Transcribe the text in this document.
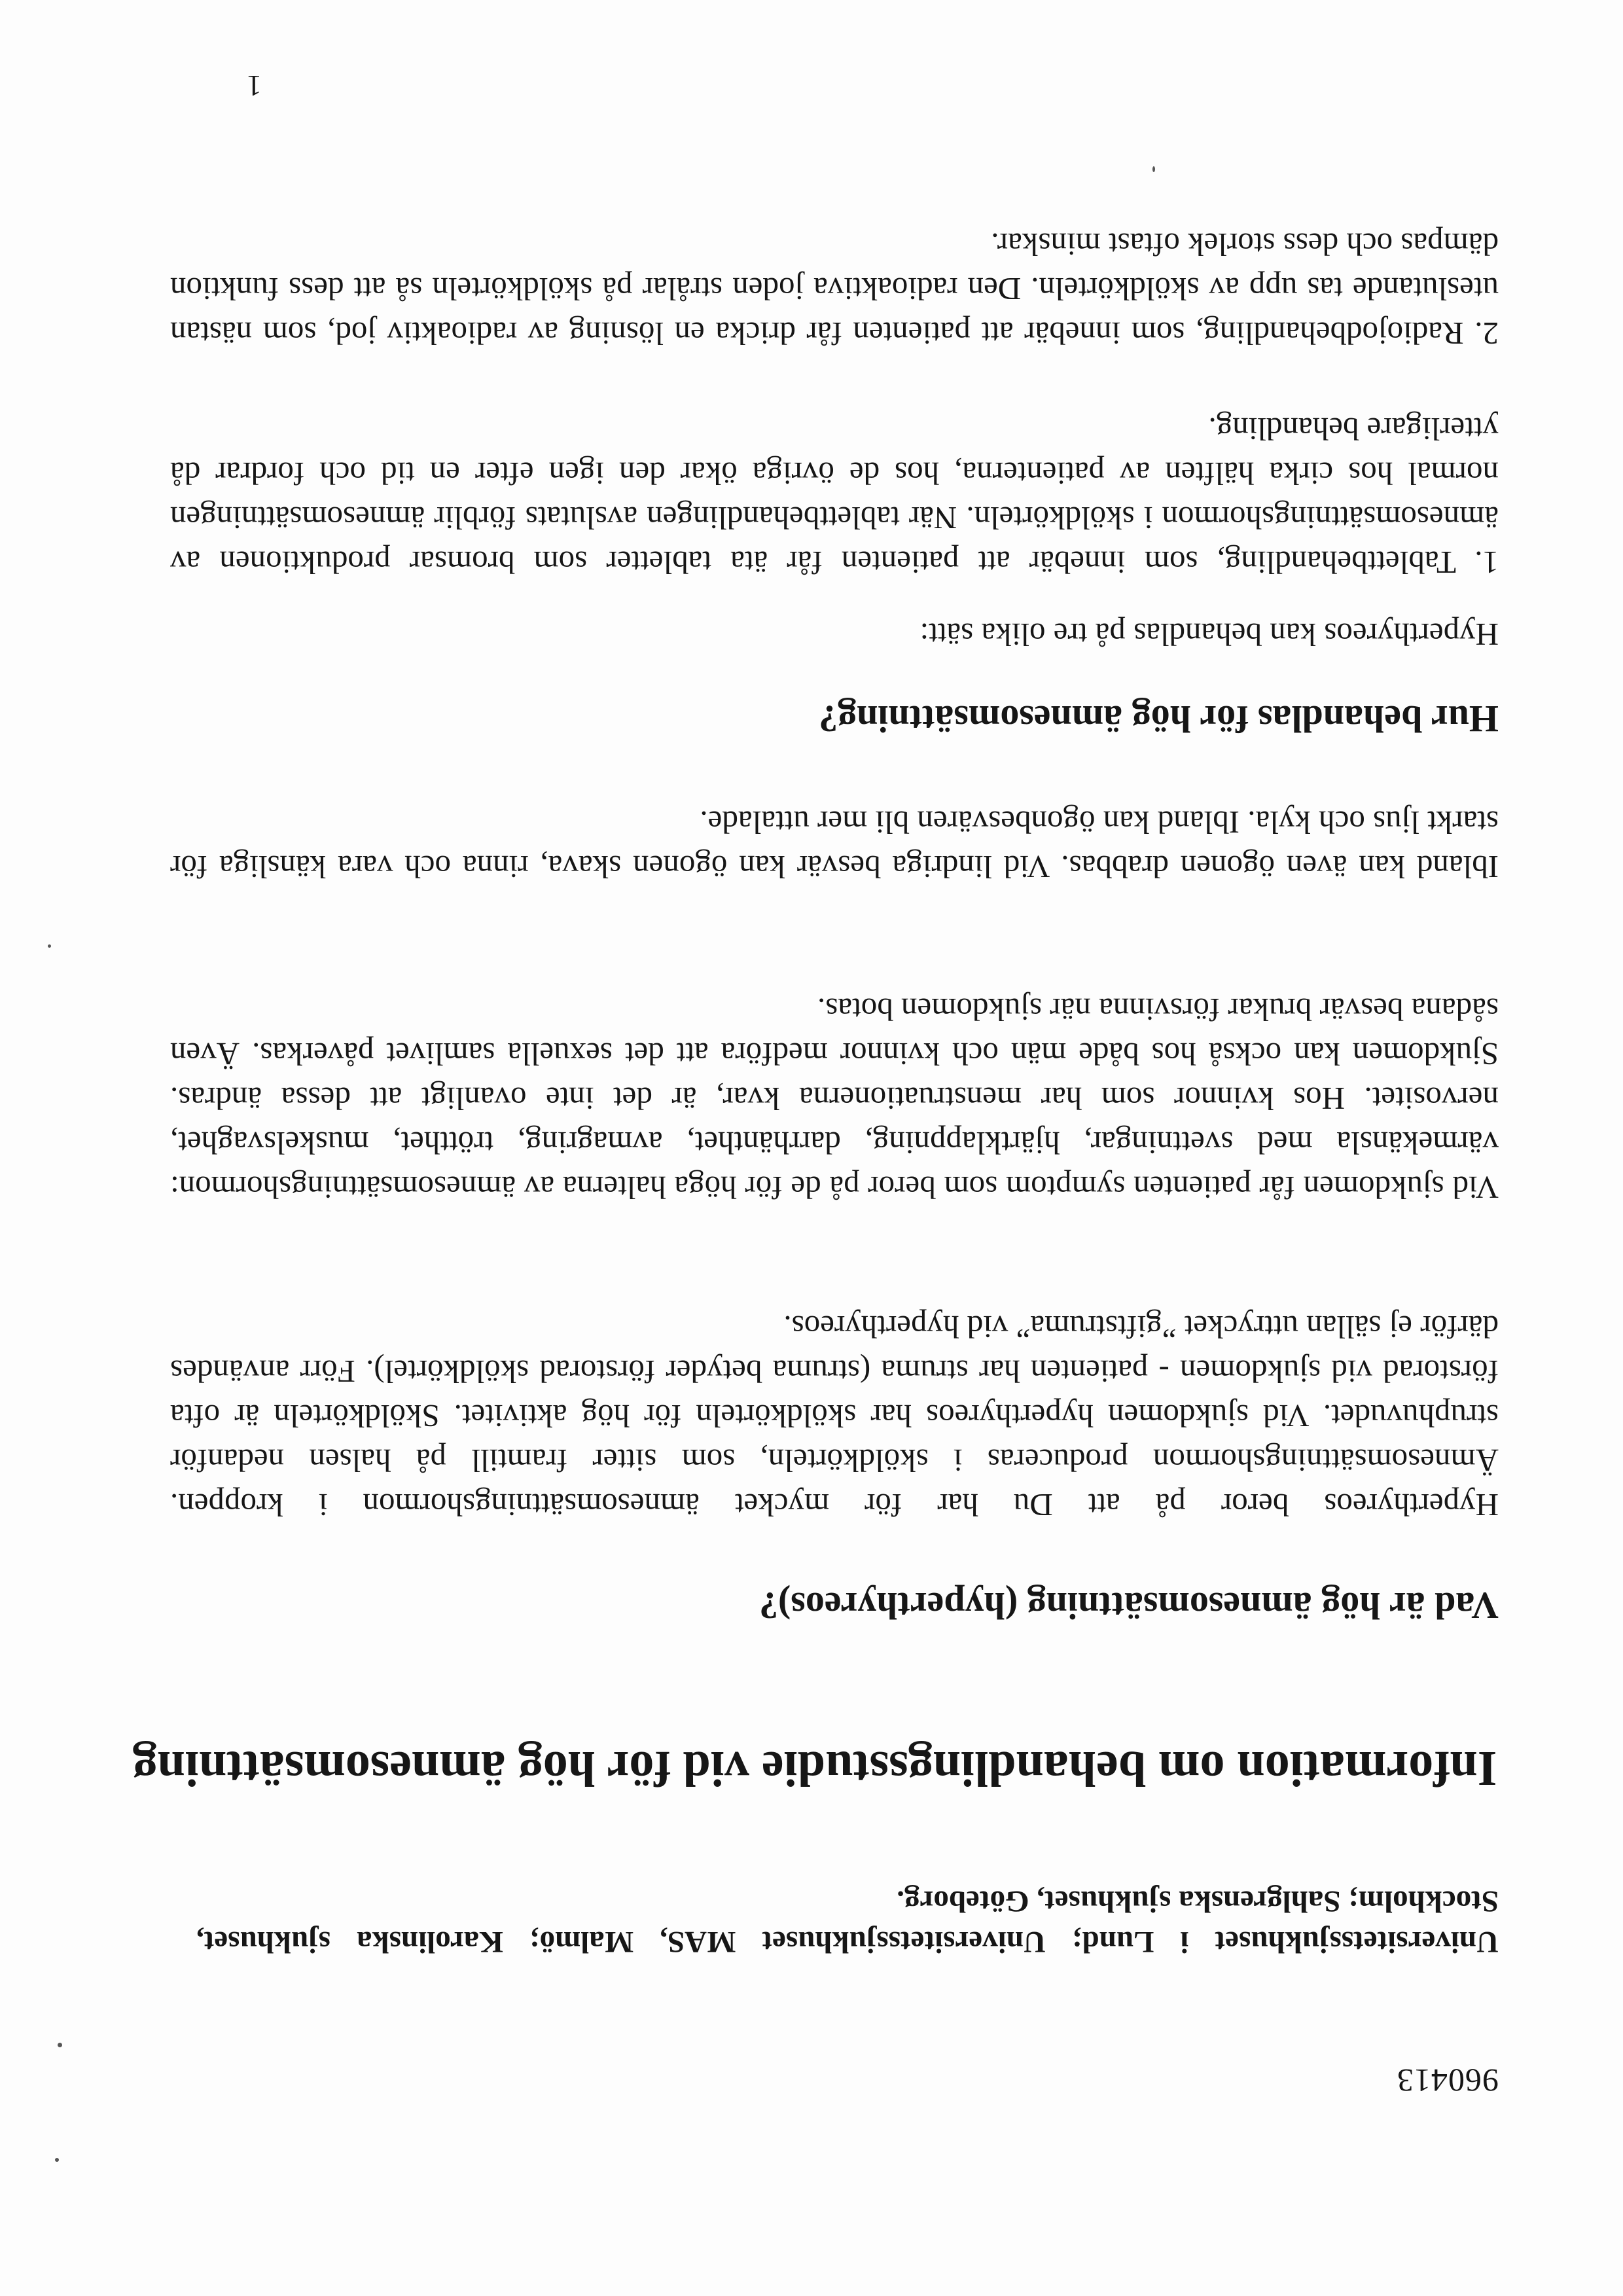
960413
Universitetssjukhuset i Lund; Universitetssjukhuset MAS, Malmö; Karolinska sjukhuset, Stockholm; Sahlgrenska sjukhuset, Göteborg.
Information om behandlingsstudie vid för hög ämnesomsättning
Vad är hög ämnesomsättning (hyperthyreos)?
Hyperthyreos beror på att Du har för mycket ämnesomsättningshormon i kroppen. Ämnesomsättningshormon produceras i sköldkörteln, som sitter framtill på halsen nedanför struphuvudet. Vid sjukdomen hyperthyreos har sköldkörteln för hög aktivitet. Sköldkörteln är ofta förstorad vid sjukdomen - patienten har struma (struma betyder förstorad sköldkörtel). Förr användes därför ej sällan uttrycket ”giftstruma” vid hyperthyreos.
Vid sjukdomen får patienten symptom som beror på de för höga halterna av ämnesomsättningshormon: värmekänsla med svettningar, hjärtklappning, darrhänthet, avmagring, trötthet, muskelsvaghet, nervositet. Hos kvinnor som har menstruationerna kvar, är det inte ovanligt att dessa ändras. Sjukdomen kan också hos både män och kvinnor medföra att det sexuella samlivet påverkas. Även sådana besvär brukar försvinna när sjukdomen botas.
Ibland kan även ögonen drabbas. Vid lindriga besvär kan ögonen skava, rinna och vara känsliga för starkt ljus och kyla. Ibland kan ögonbesvären bli mer uttalade.
Hur behandlas för hög ämnesomsättning?
Hyperthyreos kan behandlas på tre olika sätt:
1. Tablettbehandling, som innebär att patienten får äta tabletter som bromsar produktionen av ämnesomsättningshormon i sköldkörteln. När tablettbehandlingen avslutats förblir ämnesomsättningen normal hos cirka hälften av patienterna, hos de övriga ökar den igen efter en tid och fordrar då ytterligare behandling.
2. Radiojodbehandling, som innebär att patienten får dricka en lösning av radioaktiv jod, som nästan uteslutande tas upp av sköldkörteln. Den radioaktiva joden strålar på sköldkörteln så att dess funktion dämpas och dess storlek oftast minskar.
1
